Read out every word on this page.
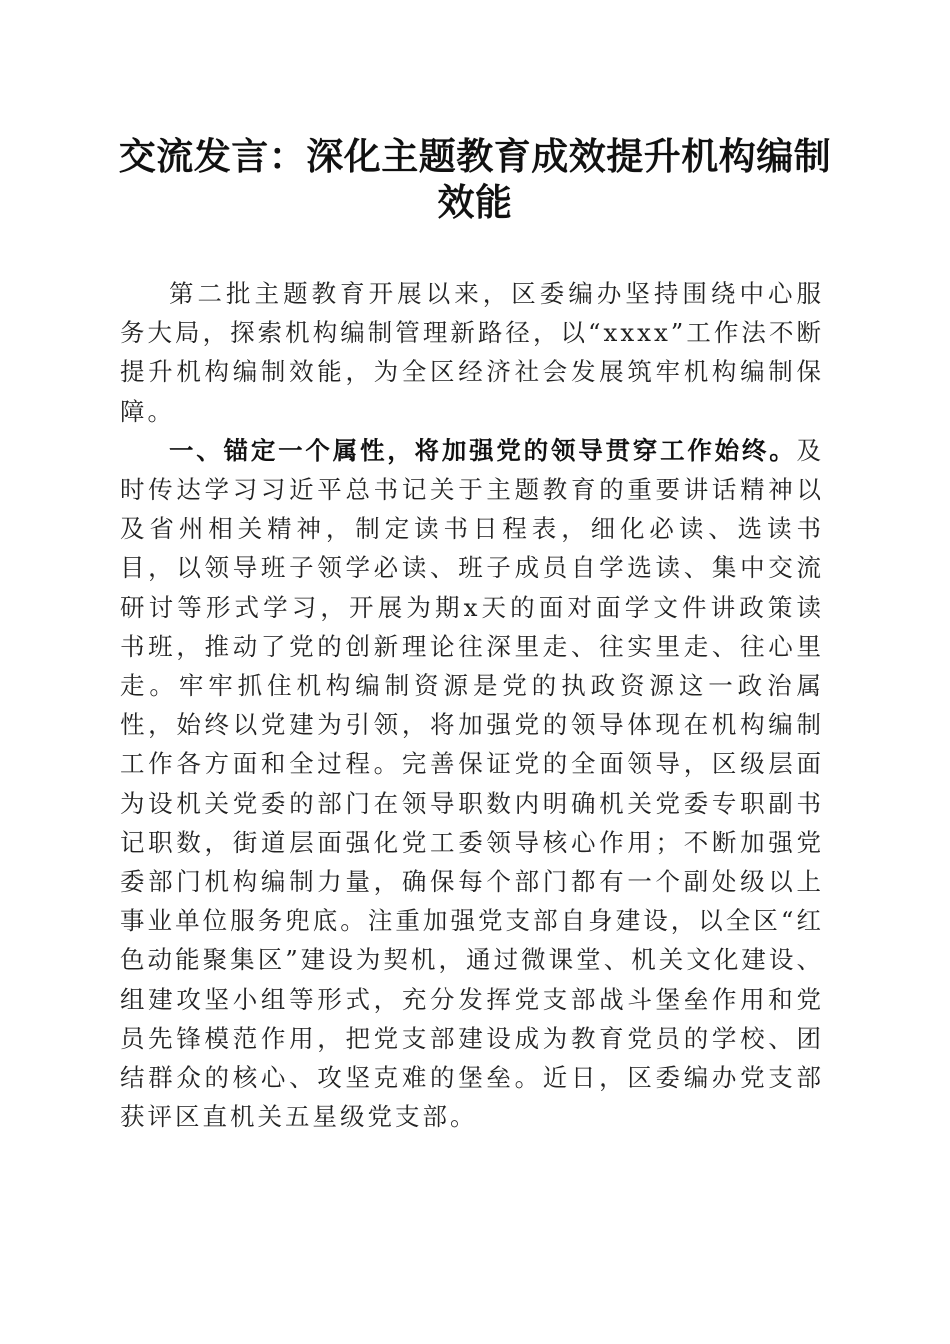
交流发言：深化主题教育成效提升机构编制效能

第二批主题教育开展以来，区委编办坚持围绕中心服务大局，探索机构编制管理新路径，以“xxxx”工作法不断提升机构编制效能，为全区经济社会发展筑牢机构编制保障。

一、锚定一个属性，将加强党的领导贯穿工作始终。及时传达学习习近平总书记关于主题教育的重要讲话精神以及省州相关精神，制定读书日程表，细化必读、选读书目，以领导班子领学必读、班子成员自学选读、集中交流研讨等形式学习，开展为期x天的面对面学文件讲政策读书班，推动了党的创新理论往深里走、往实里走、往心里走。牢牢抓住机构编制资源是党的执政资源这一政治属性，始终以党建为引领，将加强党的领导体现在机构编制工作各方面和全过程。完善保证党的全面领导，区级层面为设机关党委的部门在领导职数内明确机关党委专职副书记职数，街道层面强化党工委领导核心作用；不断加强党委部门机构编制力量，确保每个部门都有一个副处级以上事业单位服务兜底。注重加强党支部自身建设，以全区“红色动能聚集区”建设为契机，通过微课堂、机关文化建设、组建攻坚小组等形式，充分发挥党支部战斗堡垒作用和党员先锋模范作用，把党支部建设成为教育党员的学校、团结群众的核心、攻坚克难的堡垒。近日，区委编办党支部获评区直机关五星级党支部。
